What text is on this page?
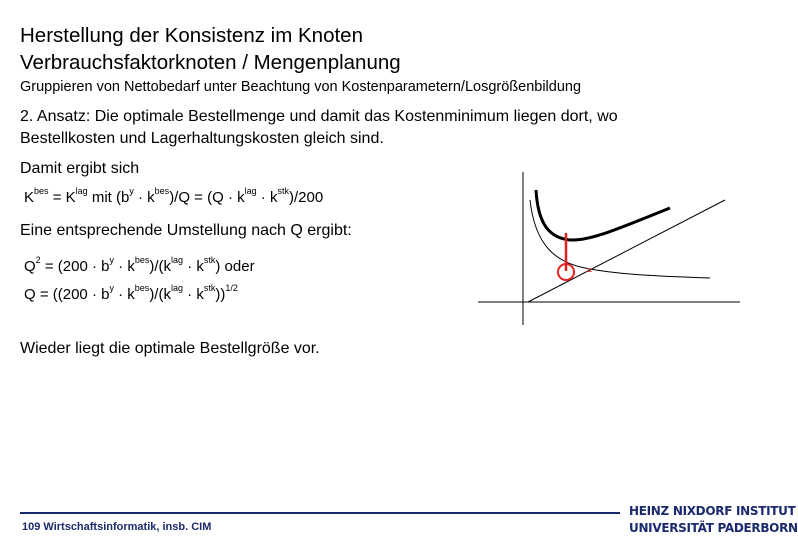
Herstellung der Konsistenz im Knoten
Verbrauchsfaktorknoten / Mengenplanung
Gruppieren von Nettobedarf unter Beachtung von Kostenparametern/Losgrößenbildung
2. Ansatz: Die optimale Bestellmenge und damit das Kostenminimum liegen dort, wo
Bestellkosten und Lagerhaltungskosten gleich sind.
Damit ergibt sich
$K^{bes} = K^{lag}$ mit $(b^y \cdot k^{bes})/Q = (Q \cdot k^{lag} \cdot k^{stk})/200$
Eine entsprechende Umstellung nach Q ergibt:
$Q^2 = (200 \cdot b^y \cdot k^{bes})/(k^{lag} \cdot k^{stk})$ oder
$Q = ((200 \cdot b^y \cdot k^{bes})/(k^{lag} \cdot k^{stk}))^{1/2}$
Wieder liegt die optimale Bestellgröße vor.
=
109 Wirtschaftsinformatik, insb. CIM
HEINZ NIXDORF INSTITUT
UNIVERSITÄT PADERBORN
